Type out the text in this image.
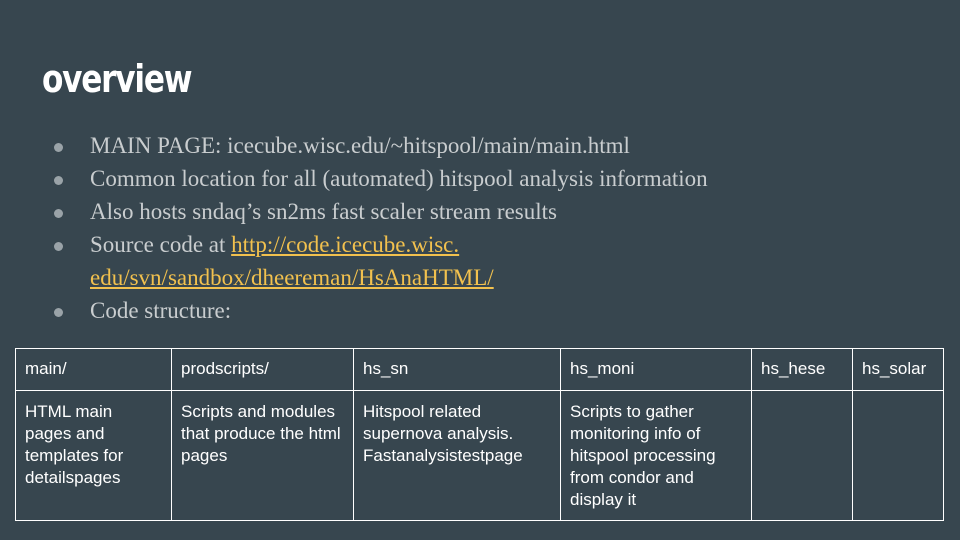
overview
MAIN PAGE: icecube.wisc.edu/~hitspool/main/main.html
Common location for all (automated) hitspool analysis information
Also hosts sndaq’s sn2ms fast scaler stream results
Source code at http://code.icecube.wisc.
edu/svn/sandbox/dheereman/HsAnaHTML/
Code structure:
main/	prodscripts/	hs_sn	hs_moni	hs_hese	hs_solar
HTML main pages and templates for detailspages	Scripts and modules that produce the html pages	Hitspool related supernova analysis. Fastanalysistestpage	Scripts to gather monitoring info of hitspool processing from condor and display it		
